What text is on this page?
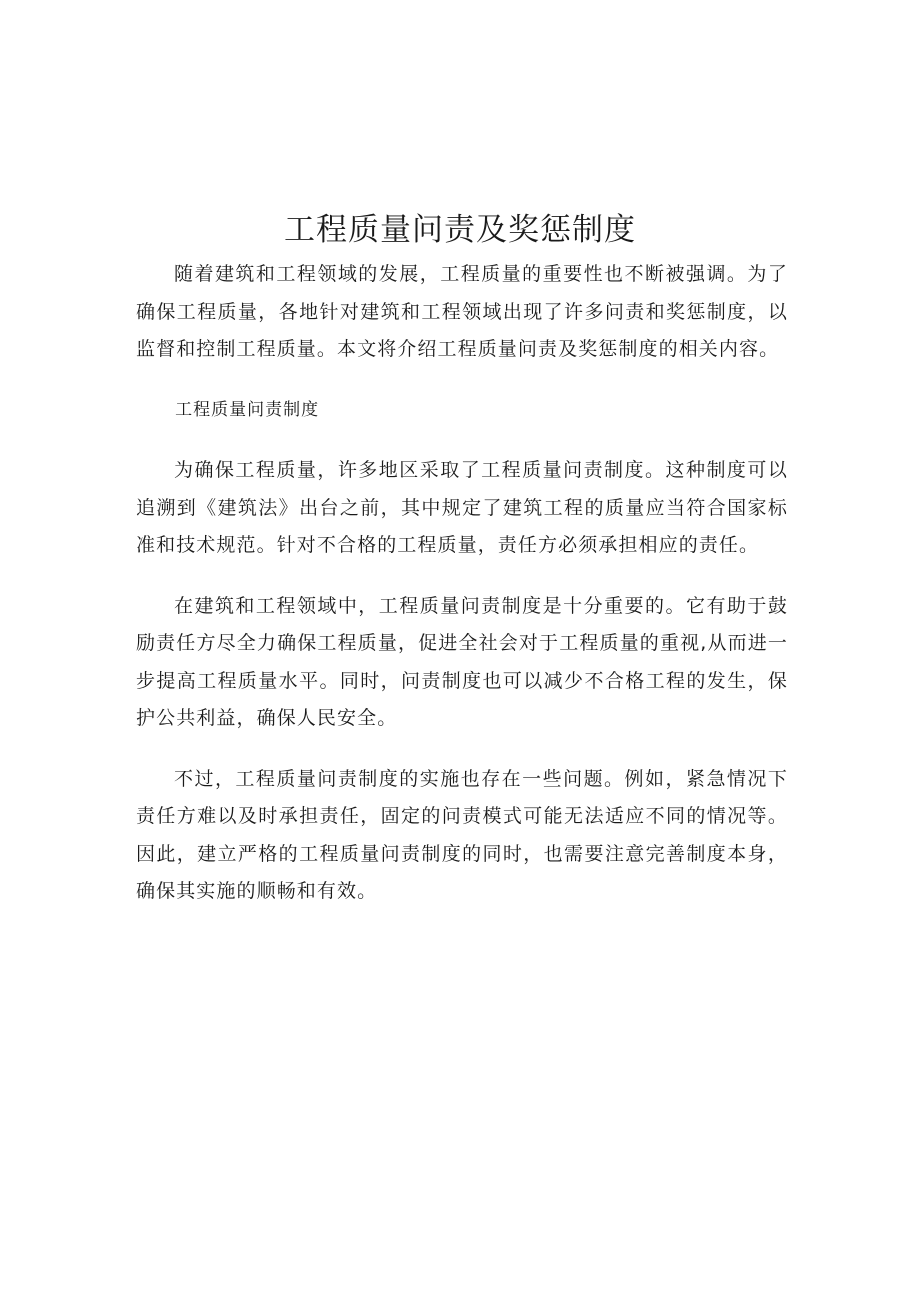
工程质量问责及奖惩制度

随着建筑和工程领域的发展，工程质量的重要性也不断被强调。为了确保工程质量，各地针对建筑和工程领域出现了许多问责和奖惩制度，以监督和控制工程质量。本文将介绍工程质量问责及奖惩制度的相关内容。

工程质量问责制度

为确保工程质量，许多地区采取了工程质量问责制度。这种制度可以追溯到《建筑法》出台之前，其中规定了建筑工程的质量应当符合国家标准和技术规范。针对不合格的工程质量，责任方必须承担相应的责任。

在建筑和工程领域中，工程质量问责制度是十分重要的。它有助于鼓励责任方尽全力确保工程质量，促进全社会对于工程质量的重视,从而进一步提高工程质量水平。同时，问责制度也可以减少不合格工程的发生，保护公共利益，确保人民安全。

不过，工程质量问责制度的实施也存在一些问题。例如，紧急情况下责任方难以及时承担责任，固定的问责模式可能无法适应不同的情况等。因此，建立严格的工程质量问责制度的同时，也需要注意完善制度本身，确保其实施的顺畅和有效。
